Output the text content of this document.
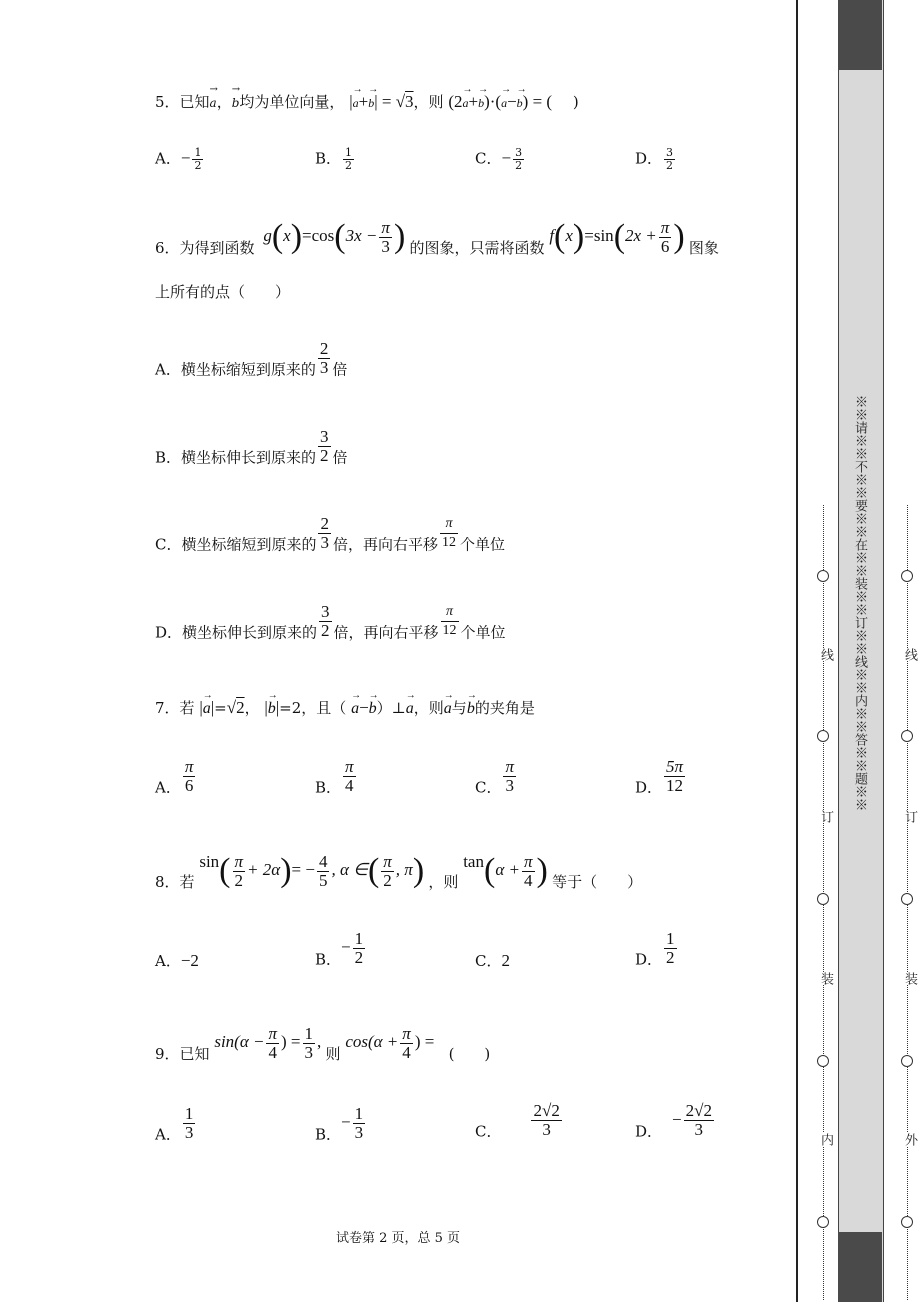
5．已知→ a，→ b均为单位向量， |→ a+→ b| = √3，则 (2→ a+→ b)·(→ a−→ b) = ( )
A．− $\frac{1}{2}$	B． $\frac{1}{2}$	C．− $\frac{3}{2}$	D． $\frac{3}{2}$
6．为得到函数 $g(x)=\cos(3x - \frac{\pi}{3}$ ) 的图象，只需将函数 $f(x)=\sin(2x + \frac{\pi}{6}$ ) 图象
上所有的点（　　）
A．横坐标缩短到原来的 $\frac{2}{3}$ 倍
B．横坐标伸长到原来的 $\frac{3}{2}$ 倍
C．横坐标缩短到原来的 $\frac{2}{3}$ 倍，再向右平移 $\frac{\pi}{12}$ 个单位
D．横坐标伸长到原来的 $\frac{3}{2}$ 倍，再向右平移 $\frac{\pi}{12}$ 个单位
7．若 |→ a|=√2， |→ b|=2，且（ → a−→ b）⊥→ a，则→ a与→ b的夹角是
A． $\frac{\pi}{6}$	B． $\frac{\pi}{4}$	C． $\frac{\pi}{3}$	D． $\frac{5\pi}{12}$
8．若 $\sin( \frac{\pi}{2} + 2\alpha)= - \frac{4}{5}$ , α ∈( $\frac{\pi}{2}$ , π) ，则 $\tan(\alpha + \frac{\pi}{4}$ ) 等于（　　）
A．−2	B．− $\frac{1}{2}$	C．2	D． $\frac{1}{2}$
9．已知 $\sin(\alpha - \frac{\pi}{4}$ ) = $\frac{1}{3}$ , 则 $\cos(\alpha + \frac{\pi}{4}$ ) = (　　)
A． $\frac{1}{3}$	B．− $\frac{1}{3}$	C． $\frac{2√2}{3}$	D．− $\frac{2√2}{3}$
试卷第 2 页，总 5 页
※※请※※不※※要※※在※※装※※订※※线※※内※※答※※题※※
线
订
装
内
线
订
装
外
